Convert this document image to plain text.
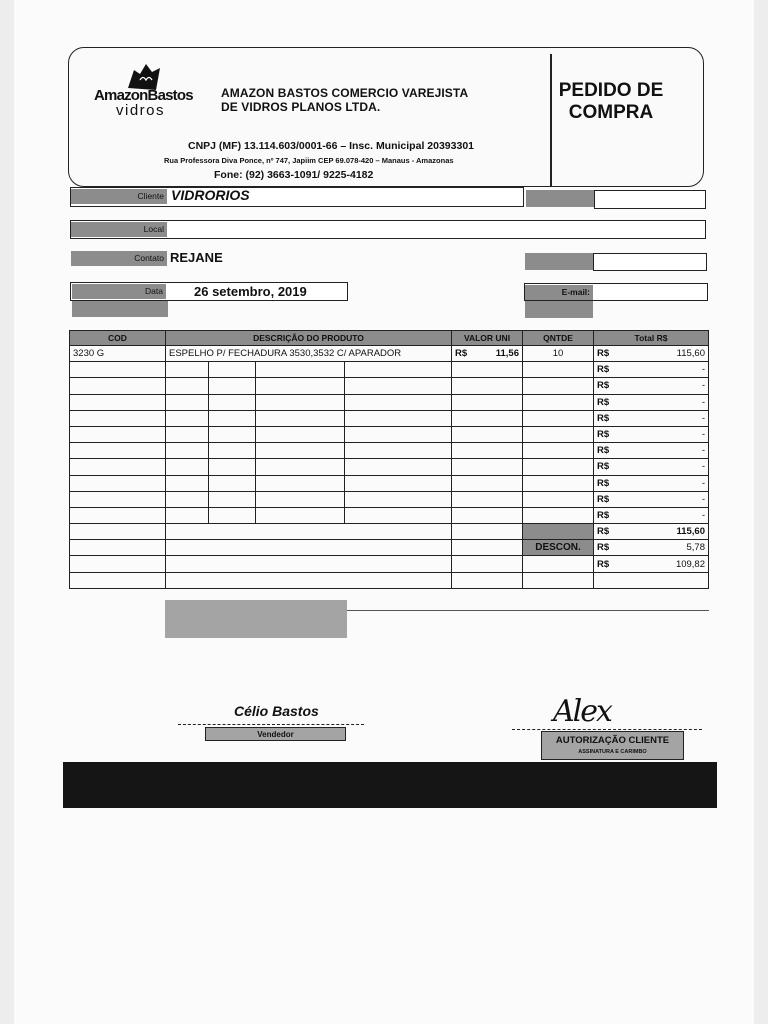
AmazonBastos
vidros
AMAZON BASTOS COMERCIO VAREJISTA
DE VIDROS PLANOS LTDA.
PEDIDO DE
COMPRA
CNPJ (MF) 13.114.603/0001-66 – Insc. Municipal 20393301
Rua Professora Diva Ponce, nº 747, Japiim CEP 69.078-420 – Manaus - Amazonas
Fone: (92) 3663-1091/ 9225-4182
Cliente VIDRORIOS
Local
Contato REJANE
Data 26 setembro, 2019	E-mail:
COD	DESCRIÇÃO DO PRODUTO				VALOR UNI	QNTDE	Total R$
3230 G	ESPELHO P/ FECHADURA 3530,3532 C/ APARADOR				R$ 11,56	10	R$ 115,60

							R$ -

							R$ -

							R$ -

							R$ -

							R$ -

							R$ -

							R$ -

							R$ -

							R$ -

							R$ -

							R$ 115,60

						DESCON.	R$ 5,78

							R$ 109,82

Célio Bastos
Vendedor
Alex
AUTORIZAÇÃO CLIENTE
ASSINATURA E CARIMBO
